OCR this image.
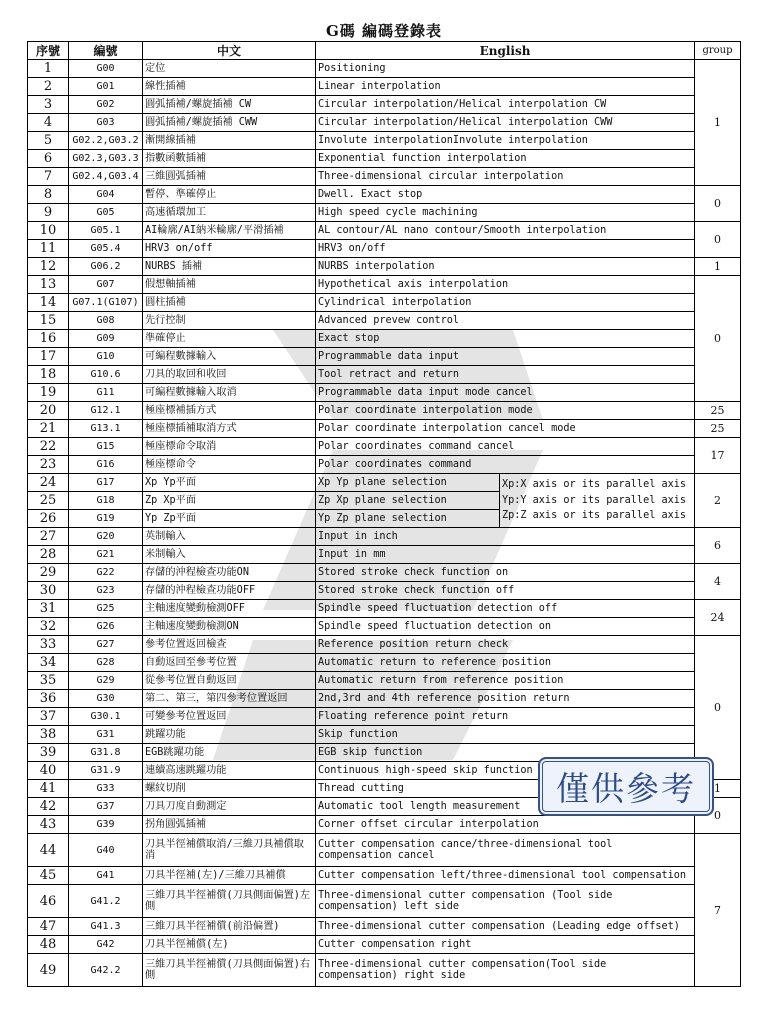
G碼 編碼登錄表
序號	編號	中文	English		group
1	G00	定位	Positioning		1
2	G01	線性插補	Linear interpolation		
3	G02	圓弧插補/螺旋插補 CW	Circular interpolation/Helical interpolation CW		
4	G03	圓弧插補/螺旋插補 CWW	Circular interpolation/Helical interpolation CWW		
5	G02.2,G03.2	漸開線插補	Involute interpolationInvolute interpolation		
6	G02.3,G03.3	指數函數插補	Exponential function interpolation		
7	G02.4,G03.4	三維圓弧插補	Three-dimensional circular interpolation		
8	G04	暫停、準確停止	Dwell. Exact stop		0
9	G05	高速循環加工	High speed cycle machining		
10	G05.1	AI輪廓/AI納米輪廓/平滑插補	AL contour/AL nano contour/Smooth interpolation		0
11	G05.4	HRV3 on/off	HRV3 on/off		
12	G06.2	NURBS 插補	NURBS interpolation		1
13	G07	假想軸插補	Hypothetical axis interpolation		0
14	G07.1(G107)	圓柱插補	Cylindrical interpolation		
15	G08	先行控制	Advanced prevew control		
16	G09	準確停止	Exact stop		
17	G10	可編程數據輸入	Programmable data input		
18	G10.6	刀具的取回和收回	Tool retract and return		
19	G11	可編程數據輸入取消	Programmable data input mode cancel		
20	G12.1	極座標補插方式	Polar coordinate interpolation mode		25
21	G13.1	極座標插補取消方式	Polar coordinate interpolation cancel mode		25
22	G15	極座標命令取消	Polar coordinates command cancel		17
23	G16	極座標命令	Polar coordinates command		
24	G17	Xp Yp平面	Xp Yp plane selection	Xp:X axis or its parallel axis
Yp:Y axis or its parallel axis
Zp:Z axis or its parallel axis	2
25	G18	Zp Xp平面	Zp Xp plane selection		
26	G19	Yp Zp平面	Yp Zp plane selection		
27	G20	英制輸入	Input in inch		6
28	G21	米制輸入	Input in mm		
29	G22	存儲的沖程檢查功能ON	Stored stroke check function on		4
30	G23	存儲的沖程檢查功能OFF	Stored stroke check function off		
31	G25	主軸速度變動檢測OFF	Spindle speed fluctuation detection off		24
32	G26	主軸速度變動檢測ON	Spindle speed fluctuation detection on		
33	G27	參考位置返回檢查	Reference position return check		0
34	G28	自動返回至參考位置	Automatic return to reference position		
35	G29	從參考位置自動返回	Automatic return from reference position		
36	G30	第二、第三，第四參考位置返回	2nd,3rd and 4th reference position return		
37	G30.1	可變參考位置返回	Floating reference point return		
38	G31	跳躍功能	Skip function		
39	G31.8	EGB跳躍功能	EGB skip function		
40	G31.9	連續高速跳躍功能	Continuous high-speed skip function		
41	G33	螺紋切削	Thread cutting		1
42	G37	刀具刀度自動測定	Automatic tool length measurement		0
43	G39	拐角圓弧插補	Corner offset circular interpolation		
44	G40	刀具半徑補償取消/三維刀具補償取消	Cutter compensation cance/three-dimensional tool compensation cancel		7
45	G41	刀具半徑補(左)/三維刀具補償	Cutter compensation left/three-dimensional tool compensation		
46	G41.2	三維刀具半徑補償(刀具側面偏置)左側	Three-dimensional cutter compensation (Tool side compensation) left side		
47	G41.3	三維刀具半徑補償(前沿偏置)	Three-dimensional cutter compensation (Leading edge offset)		
48	G42	刀具半徑補償(左)	Cutter compensation right		
49	G42.2	三維刀具半徑補償(刀具側面偏置)右側	Three-dimensional cutter compensation(Tool side compensation) right side		
僅供參考
